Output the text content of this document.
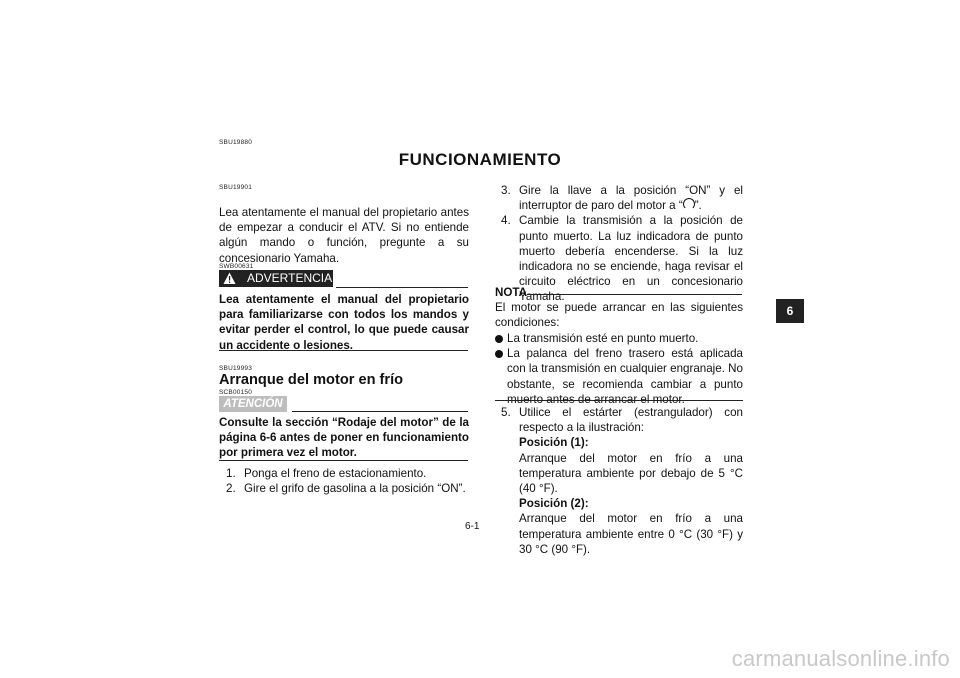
SBU19880
FUNCIONAMIENTO
SBU19901
Lea atentamente el manual del propietario antes de empezar a conducir el ATV. Si no entiende algún mando o función, pregunte a su concesionario Yamaha.
SWB00631
ADVERTENCIA
Lea atentamente el manual del propietario para familiarizarse con todos los mandos y evitar perder el control, lo que puede causar un accidente o lesiones.
SBU19993
Arranque del motor en frío
SCB00150
ATENCIÓN
Consulte la sección “Rodaje del motor” de la página 6-6 antes de poner en funcionamiento por primera vez el motor.
1. Ponga el freno de estacionamiento.
2. Gire el grifo de gasolina a la posición “ON”.
3. Gire la llave a la posición “ON” y el interruptor de paro del motor a “ ”.
4. Cambie la transmisión a la posición de punto muerto. La luz indicadora de punto muerto debería encenderse. Si la luz indicadora no se enciende, haga revisar el circuito eléctrico en un concesionario Yamaha.
NOTA
El motor se puede arrancar en las siguientes condiciones:
La transmisión esté en punto muerto.
La palanca del freno trasero está aplicada con la transmisión en cualquier engranaje. No obstante, se recomienda cambiar a punto muerto antes de arrancar el motor.
5. Utilice el estárter (estrangulador) con respecto a la ilustración:
Posición (1):
Arranque del motor en frío a una temperatura ambiente por debajo de 5 °C (40 °F).
Posición (2):
Arranque del motor en frío a una temperatura ambiente entre 0 °C (30 °F) y 30 °C (90 °F).
6
6-1
carmanualsonline.info
